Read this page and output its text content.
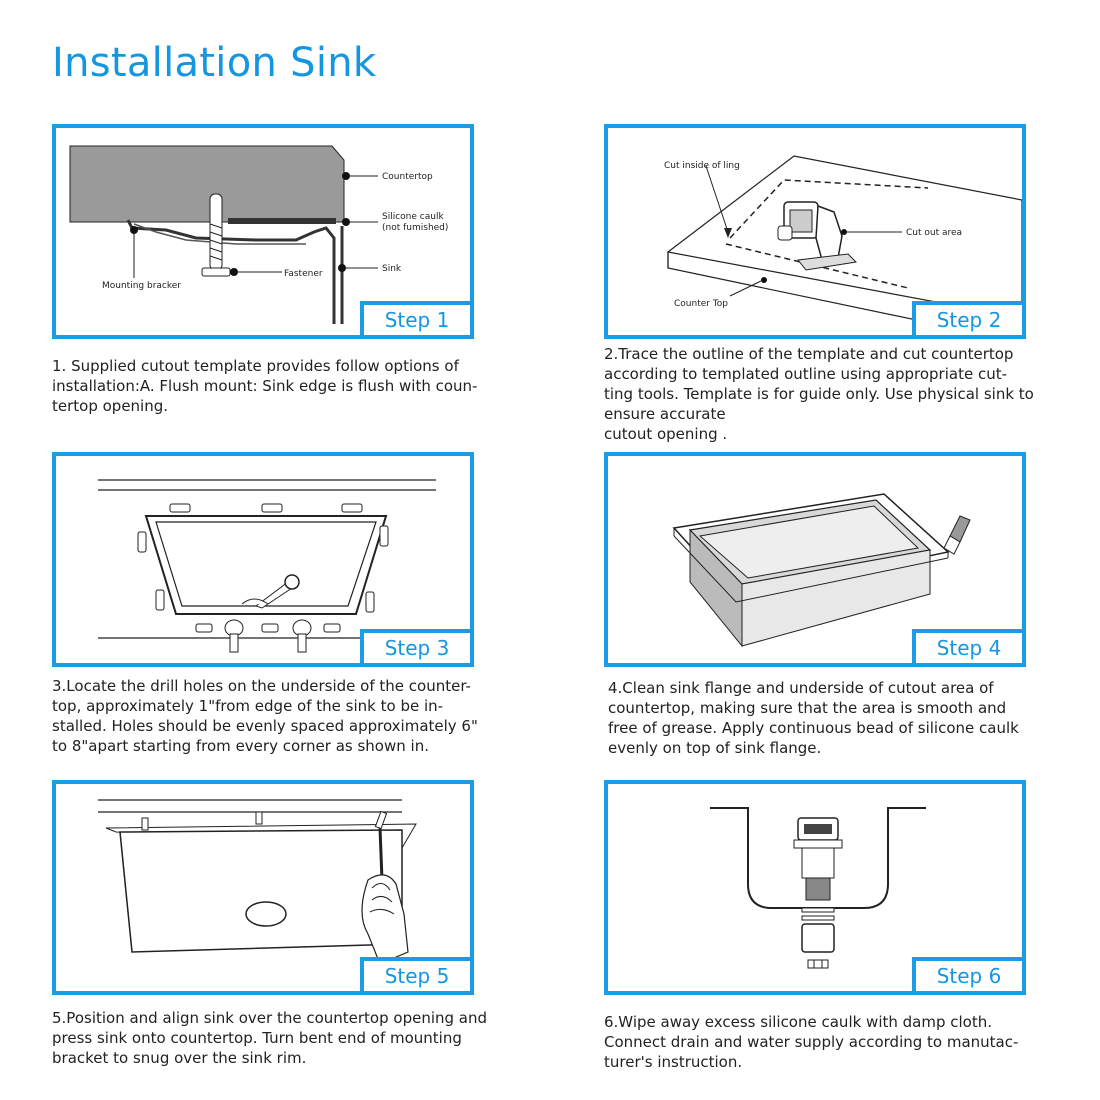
Installation Sink
Countertop
Silicone caulk
(not fumished)
Sink
Fastener
Mounting bracker
Step 1

1. Supplied cutout template provides follow options of installation:A. Flush mount: Sink edge is flush with coun-tertop opening.

Cut inside of ling
Cut out area
Counter Top
Step 2

2.Trace the outline of the template and cut countertop according to templated outline using appropriate cut-ting tools. Template is for guide only. Use physical sink to ensure accurate
cutout opening .

Step 3

3.Locate the drill holes on the underside of the counter-top, approximately 1"from edge of the sink to be in-stalled. Holes should be evenly spaced approximately 6" to 8"apart starting from every corner as shown in.

Step 4

4.Clean sink flange and underside of cutout area of countertop, making sure that the area is smooth and free of grease. Apply continuous bead of silicone caulk evenly on top of sink flange.

Step 5

5.Position and align sink over the countertop opening and press sink onto countertop. Turn bent end of mounting bracket to snug over the sink rim.

Step 6

6.Wipe away excess silicone caulk with damp cloth. Connect drain and water supply according to manutac-turer's instruction.
